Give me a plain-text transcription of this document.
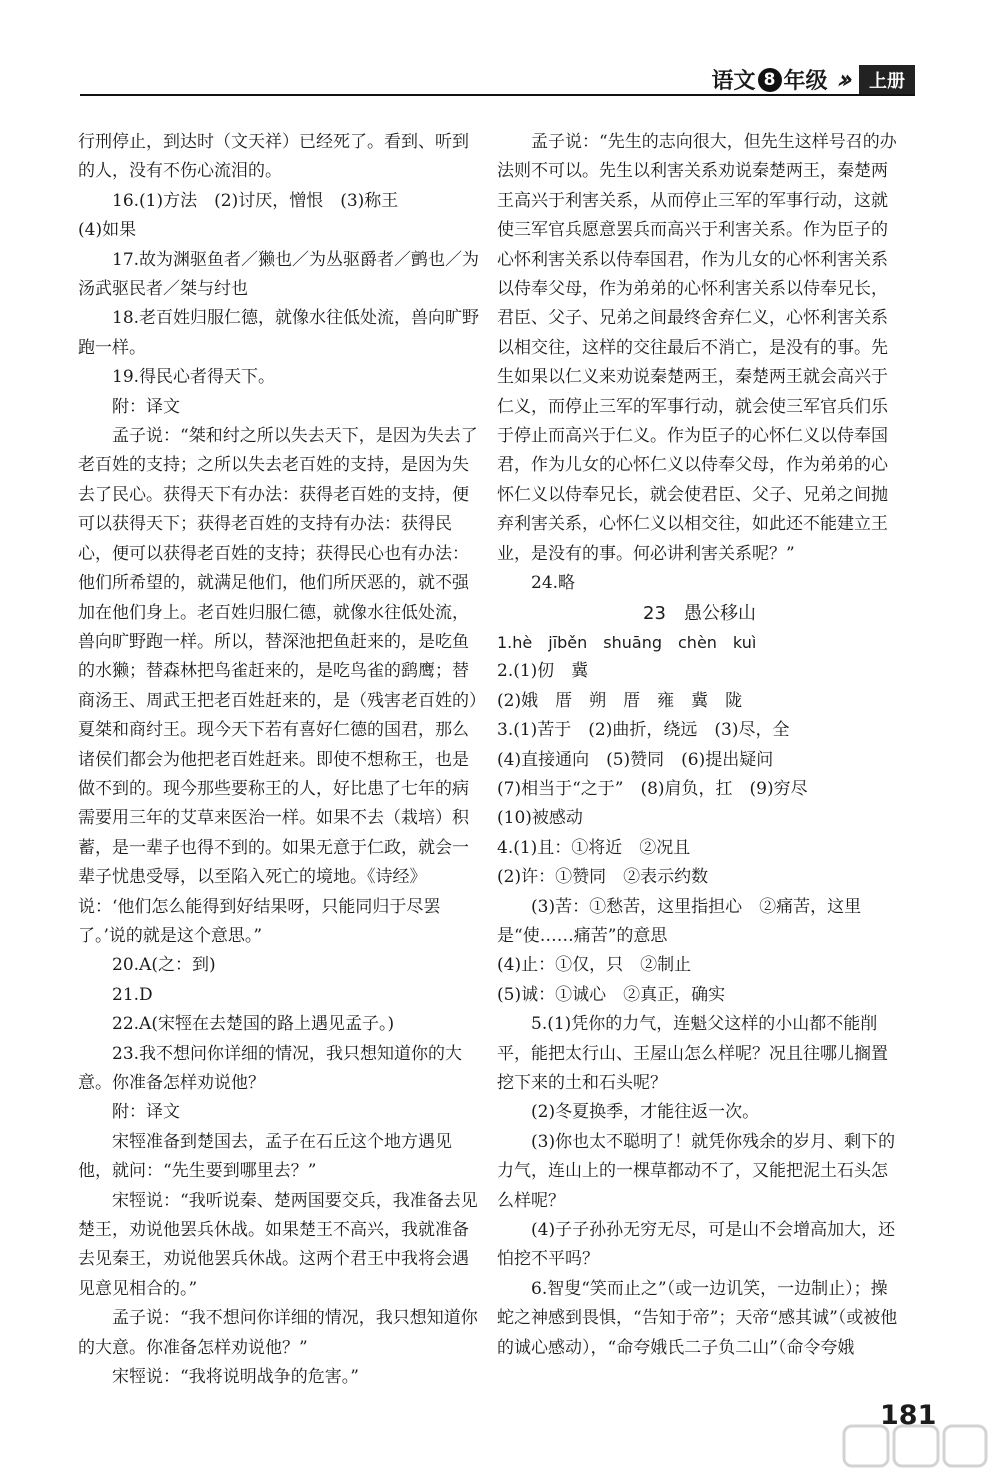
语文 8 年级 ›› 上册

行刑停止，到达时（文天祥）已经死了。看到、听到的人，没有不伤心流泪的。

16.(1)方法　(2)讨厌，憎恨　(3)称王

(4)如果

17.故为渊驱鱼者／獭也／为丛驱爵者／鹯也／为汤武驱民者／桀与纣也

18.老百姓归服仁德，就像水往低处流，兽向旷野跑一样。

19.得民心者得天下。

附：译文

孟子说：“桀和纣之所以失去天下，是因为失去了老百姓的支持；之所以失去老百姓的支持，是因为失去了民心。获得天下有办法：获得老百姓的支持，便可以获得天下；获得老百姓的支持有办法：获得民心，便可以获得老百姓的支持；获得民心也有办法：他们所希望的，就满足他们，他们所厌恶的，就不强加在他们身上。老百姓归服仁德，就像水往低处流，兽向旷野跑一样。所以，替深池把鱼赶来的，是吃鱼的水獭；替森林把鸟雀赶来的，是吃鸟雀的鹞鹰；替商汤王、周武王把老百姓赶来的，是（残害老百姓的）夏桀和商纣王。现今天下若有喜好仁德的国君，那么诸侯们都会为他把老百姓赶来。即使不想称王，也是做不到的。现今那些要称王的人，好比患了七年的病需要用三年的艾草来医治一样。如果不去（栽培）积蓄，是一辈子也得不到的。如果无意于仁政，就会一辈子忧患受辱，以至陷入死亡的境地。《诗经》说：‘他们怎么能得到好结果呀，只能同归于尽罢了。’说的就是这个意思。”

20.A(之：到)

21.D

22.A(宋牼在去楚国的路上遇见孟子。)

23.我不想问你详细的情况，我只想知道你的大意。你准备怎样劝说他？

附：译文

宋牼准备到楚国去，孟子在石丘这个地方遇见他，就问：“先生要到哪里去？”

宋牼说：“我听说秦、楚两国要交兵，我准备去见楚王，劝说他罢兵休战。如果楚王不高兴，我就准备去见秦王，劝说他罢兵休战。这两个君王中我将会遇见意见相合的。”

孟子说：“我不想问你详细的情况，我只想知道你的大意。你准备怎样劝说他？”

宋牼说：“我将说明战争的危害。”

孟子说：“先生的志向很大，但先生这样号召的办法则不可以。先生以利害关系劝说秦楚两王，秦楚两王高兴于利害关系，从而停止三军的军事行动，这就使三军官兵愿意罢兵而高兴于利害关系。作为臣子的心怀利害关系以侍奉国君，作为儿女的心怀利害关系以侍奉父母，作为弟弟的心怀利害关系以侍奉兄长，君臣、父子、兄弟之间最终舍弃仁义，心怀利害关系以相交往，这样的交往最后不消亡，是没有的事。先生如果以仁义来劝说秦楚两王，秦楚两王就会高兴于仁义，而停止三军的军事行动，就会使三军官兵们乐于停止而高兴于仁义。作为臣子的心怀仁义以侍奉国君，作为儿女的心怀仁义以侍奉父母，作为弟弟的心怀仁义以侍奉兄长，就会使君臣、父子、兄弟之间抛弃利害关系，心怀仁义以相交往，如此还不能建立王业，是没有的事。何必讲利害关系呢？”

24.略

23　愚公移山

1.hè　jīběn　shuāng　chèn　kuì

2.(1)仞　冀

(2)娥　厝　朔　厝　雍　冀　陇

3.(1)苦于　(2)曲折，绕远　(3)尽，全

(4)直接通向　(5)赞同　(6)提出疑问

(7)相当于“之于”　(8)肩负，扛　(9)穷尽

(10)被感动

4.(1)且：①将近　②况且

(2)许：①赞同　②表示约数

(3)苦：①愁苦，这里指担心　②痛苦，这里是“使……痛苦”的意思

(4)止：①仅，只　②制止

(5)诚：①诚心　②真正，确实

5.(1)凭你的力气，连魁父这样的小山都不能削平，能把太行山、王屋山怎么样呢？况且往哪儿搁置挖下来的土和石头呢？

(2)冬夏换季，才能往返一次。

(3)你也太不聪明了！就凭你残余的岁月、剩下的力气，连山上的一棵草都动不了，又能把泥土石头怎么样呢？

(4)子子孙孙无穷无尽，可是山不会增高加大，还怕挖不平吗？

6.智叟“笑而止之”（或一边讥笑，一边制止）；操蛇之神感到畏惧，“告知于帝”；天帝“感其诚”（或被他的诚心感动），“命夸娥氏二子负二山”（命令夸娥

181
